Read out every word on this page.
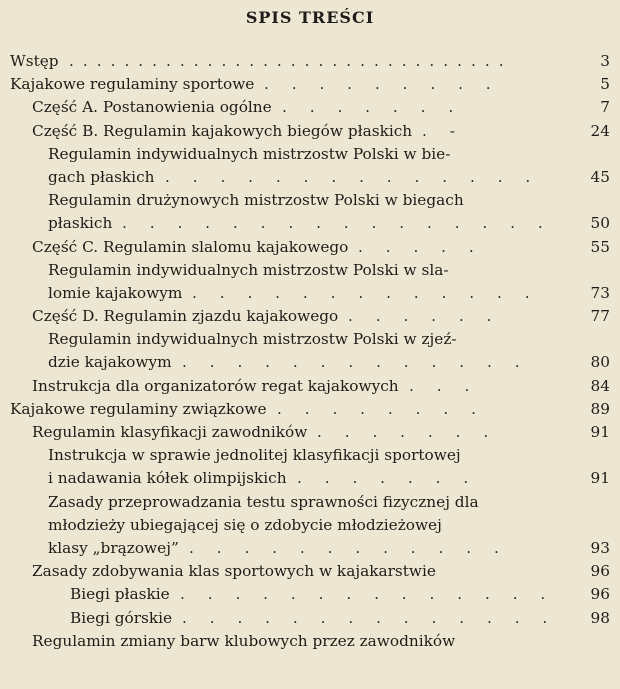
SPIS TREŚCI
Wstęp ................................	3
Kajakowe regulaminy sportowe . . . . . . . . .	5
Część A. Postanowienia ogólne . . . . . . .	7
Część B. Regulamin kajakowych biegów płaskich . -	24
Regulamin indywidualnych mistrzostw Polski w bie-
gach płaskich . . . . . . . . . . . . . .	45
Regulamin drużynowych mistrzostw Polski w biegach
płaskich . . . . . . . . . . . . . . . .	50
Część C. Regulamin slalomu kajakowego . . . . .	55
Regulamin indywidualnych mistrzostw Polski w sla-
lomie kajakowym . . . . . . . . . . . . .	73
Część D. Regulamin zjazdu kajakowego . . . . . .	77
Regulamin indywidualnych mistrzostw Polski w zjeź-
dzie kajakowym . . . . . . . . . . . . .	80
Instrukcja dla organizatorów regat kajakowych . . .	84
Kajakowe regulaminy związkowe . . . . . . . .	89
Regulamin klasyfikacji zawodników . . . . . . .	91
Instrukcja w sprawie jednolitej klasyfikacji sportowej
i nadawania kółek olimpijskich . . . . . . .	91
Zasady przeprowadzania testu sprawności fizycznej dla
młodzieży ubiegającej się o zdobycie młodzieżowej
klasy „brązowej” . . . . . . . . . . . .	93
Zasady zdobywania klas sportowych w kajakarstwie	96
Biegi płaskie . . . . . . . . . . . . . .	96
Biegi górskie . . . . . . . . . . . . . .	98
Regulamin zmiany barw klubowych przez zawodników
